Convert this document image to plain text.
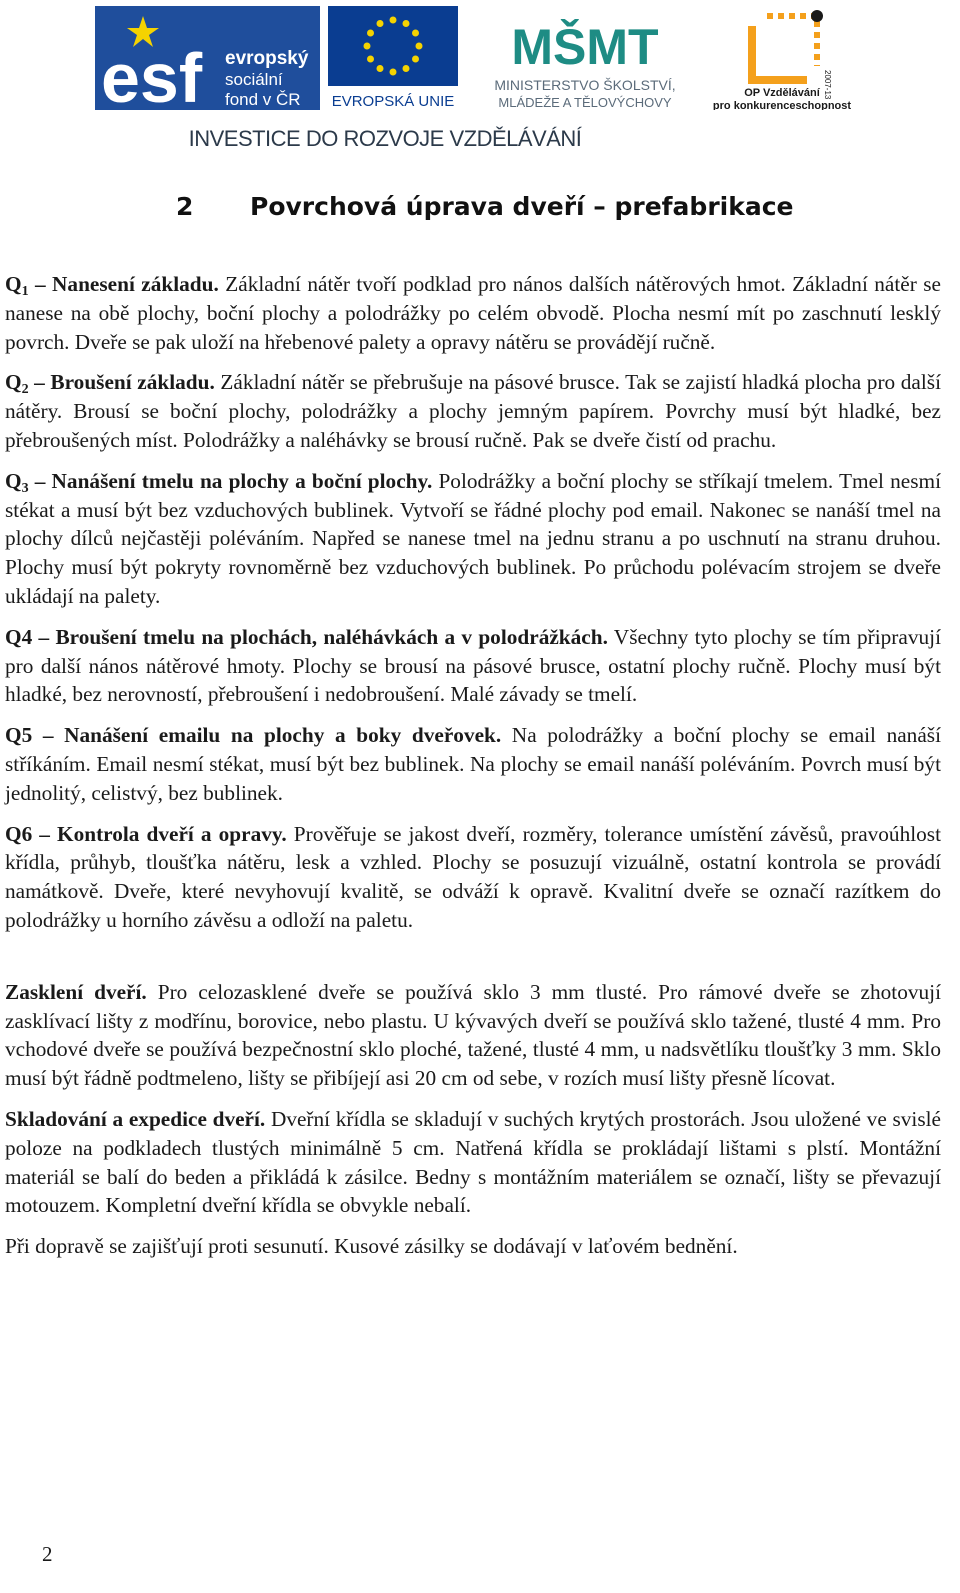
esf evropský
sociální
fond v ČR EVROPSKÁ UNIE
MŠMT
MINISTERSTVO ŠKOLSTVÍ,
MLÁDEŽE A TĚLOVÝCHOVY
2007-13
OP Vzdělávání
pro konkurenceschopnost
INVESTICE DO ROZVOJE VZDĚLÁVÁNÍ
2 Povrchová úprava dveří – prefabrikace

$Q_1$ – Nanesení základu. Základní nátěr tvoří podklad pro nános dalších nátěrových hmot. Základní nátěr se nanese na obě plochy, boční plochy a polodrážky po celém obvodě. Plocha nesmí mít po zaschnutí lesklý povrch. Dveře se pak uloží na hřebenové palety a opravy nátěru se provádějí ručně.

$Q_2$ – Broušení základu. Základní nátěr se přebrušuje na pásové brusce. Tak se zajistí hladká plocha pro další nátěry. Brousí se boční plochy, polodrážky a plochy jemným papírem. Povrchy musí být hladké, bez přebroušených míst. Polodrážky a naléhávky se brousí ručně. Pak se dveře čistí od prachu.

$Q_3$ – Nanášení tmelu na plochy a boční plochy. Polodrážky a boční plochy se stříkají tmelem. Tmel nesmí stékat a musí být bez vzduchových bublinek. Vytvoří se řádné plochy pod email. Nakonec se nanáší tmel na plochy dílců nejčastěji poléváním. Napřed se nanese tmel na jednu stranu a po uschnutí na stranu druhou. Plochy musí být pokryty rovnoměrně bez vzduchových bublinek. Po průchodu polévacím strojem se dveře ukládají na palety.

Q4 – Broušení tmelu na plochách, naléhávkách a v polodrážkách. Všechny tyto plochy se tím připravují pro další nános nátěrové hmoty. Plochy se brousí na pásové brusce, ostatní plochy ručně. Plochy musí být hladké, bez nerovností, přebroušení i nedobroušení. Malé závady se tmelí.

Q5 – Nanášení emailu na plochy a boky dveřovek. Na polodrážky a boční plochy se email nanáší stříkáním. Email nesmí stékat, musí být bez bublinek. Na plochy se email nanáší poléváním. Povrch musí být jednolitý, celistvý, bez bublinek.

Q6 – Kontrola dveří a opravy. Prověřuje se jakost dveří, rozměry, tolerance umístění závěsů, pravoúhlost křídla, průhyb, tloušťka nátěru, lesk a vzhled. Plochy se posuzují vizuálně, ostatní kontrola se provádí namátkově. Dveře, které nevyhovují kvalitě, se odváží k opravě. Kvalitní dveře se označí razítkem do polodrážky u horního závěsu a odloží na paletu.

Zasklení dveří. Pro celozasklené dveře se používá sklo 3 mm tlusté. Pro rámové dveře se zhotovují zasklívací lišty z modřínu, borovice, nebo plastu. U kývavých dveří se používá sklo tažené, tlusté 4 mm. Pro vchodové dveře se používá bezpečnostní sklo ploché, tažené, tlusté 4 mm, u nadsvětlíku tloušťky 3 mm. Sklo musí být řádně podtmeleno, lišty se přibíjejí asi 20 cm od sebe, v rozích musí lišty přesně lícovat.

Skladování a expedice dveří. Dveřní křídla se skladují v suchých krytých prostorách. Jsou uložené ve svislé poloze na podkladech tlustých minimálně 5 cm. Natřená křídla se prokládají lištami s plstí. Montážní materiál se balí do beden a přikládá k zásilce. Bedny s montážním materiálem se označí, lišty se převazují motouzem. Kompletní dveřní křídla se obvykle nebalí.

Při dopravě se zajišťují proti sesunutí. Kusové zásilky se dodávají v laťovém bednění.

2
